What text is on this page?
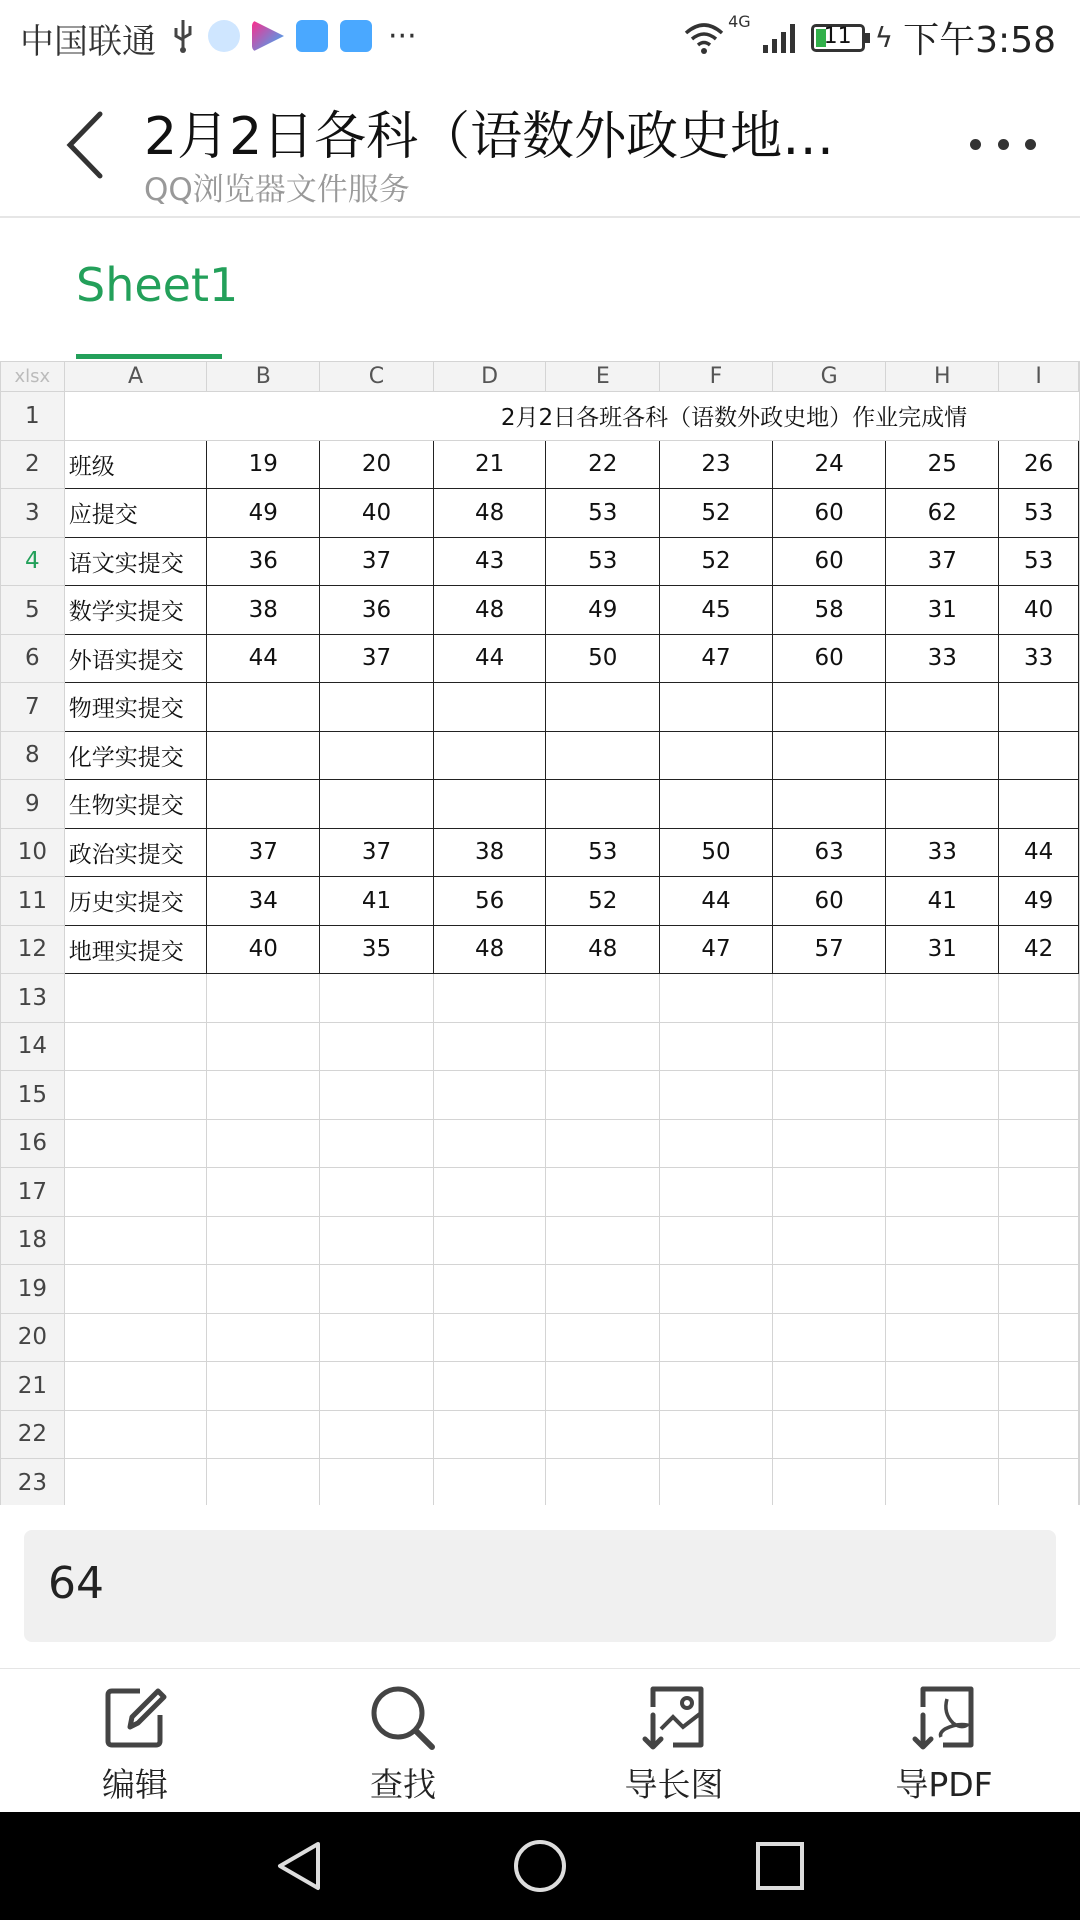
中国联通	···	4G
11 ϟ 下午3:58
2月2日各科（语数外政史地…
QQ浏览器文件服务
Sheet1
xlsx	A	B	C	D	E	F	G	H	I	
1		2月2日各班各科（语数外政史地）作业完成情								
2	班级	19	20	21	22	23	24	25	26	
3	应提交	49	40	48	53	52	60	62	53	
4	语文实提交	36	37	43	53	52	60	37	53	
5	数学实提交	38	36	48	49	45	58	31	40	
6	外语实提交	44	37	44	50	47	60	33	33	
7	物理实提交									
8	化学实提交									
9	生物实提交									
10	政治实提交	37	37	38	53	50	63	33	44	
11	历史实提交	34	41	56	52	44	60	41	49	
12	地理实提交	40	35	48	48	47	57	31	42	
13										
14										
15										
16										
17										
18										
19										
20										
21										
22										
23										
64
编辑	查找	导长图	导PDF
